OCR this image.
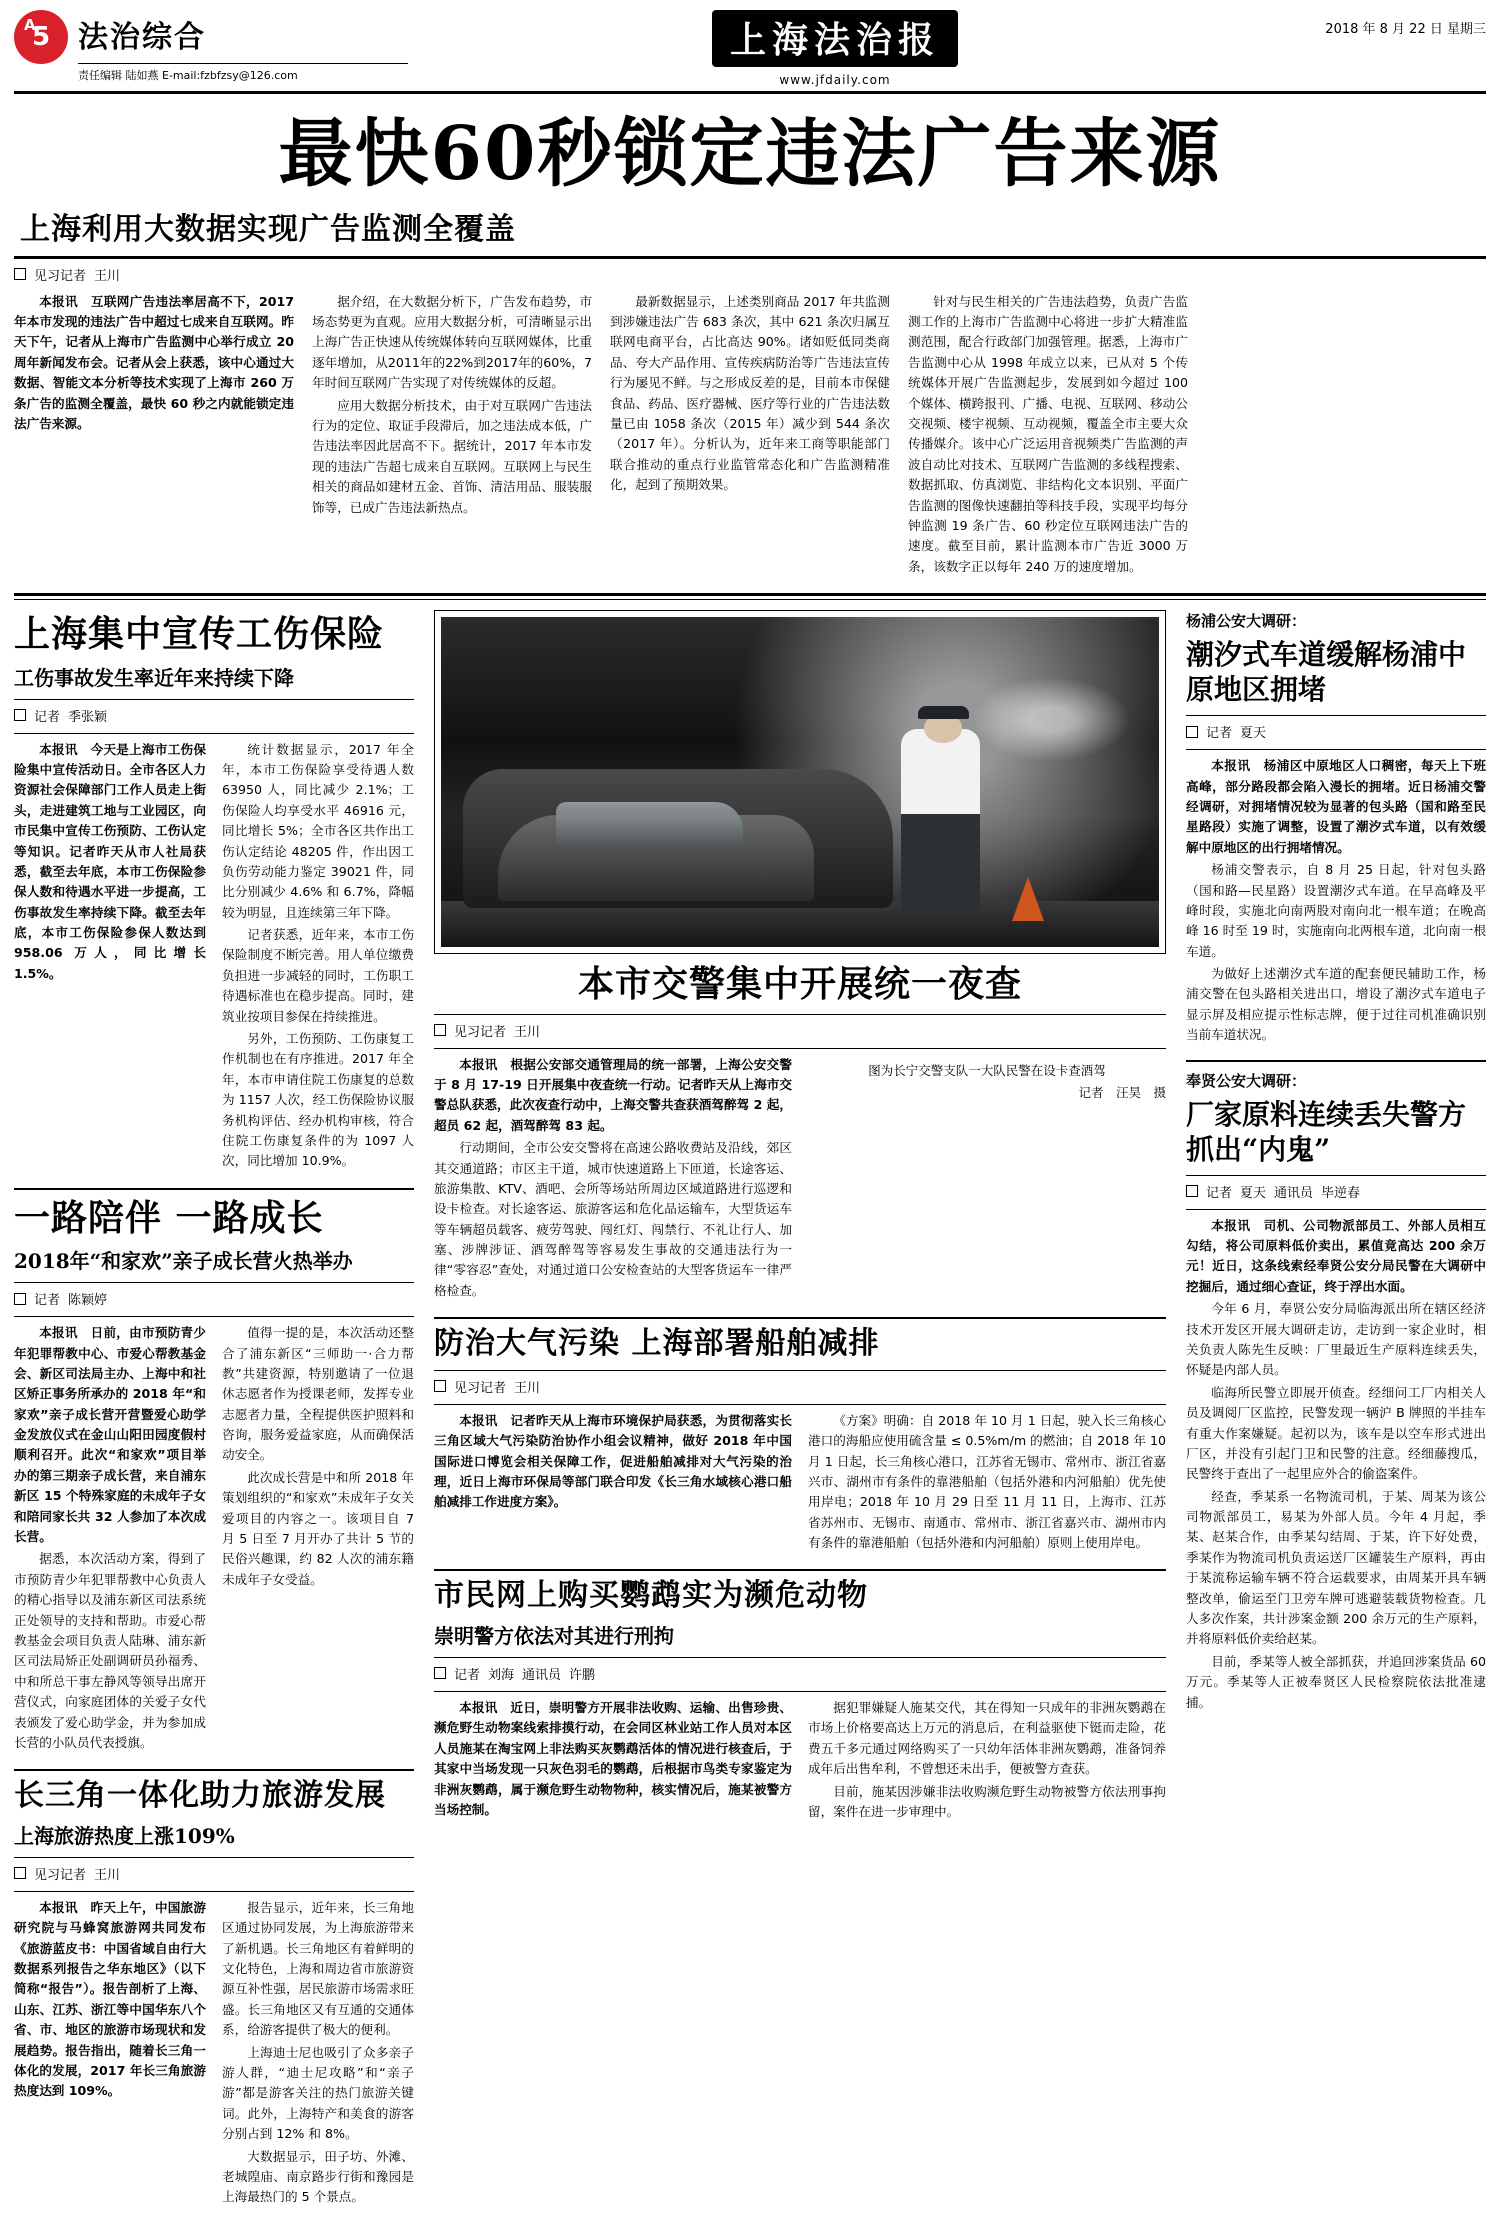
A
5 法治综合
责任编辑 陆如燕 E-mail:fzbfzsy@126.com
上海法治报
www.jfdaily.com
2018 年 8 月 22 日 星期三
最快60秒锁定违法广告来源
上海利用大数据实现广告监测全覆盖
见习记者 王川

本报讯　互联网广告违法率居高不下，2017 年本市发现的违法广告中超过七成来自互联网。昨天下午，记者从上海市广告监测中心举行成立 20 周年新闻发布会。记者从会上获悉，该中心通过大数据、智能文本分析等技术实现了上海市 260 万条广告的监测全覆盖，最快 60 秒之内就能锁定违法广告来源。

据介绍，在大数据分析下，广告发布趋势，市场态势更为直观。应用大数据分析，可清晰显示出上海广告正快速从传统媒体转向互联网媒体，比重逐年增加，从2011年的22%到2017年的60%，7年时间互联网广告实现了对传统媒体的反超。

应用大数据分析技术，由于对互联网广告违法行为的定位、取证手段滞后，加之违法成本低，广告违法率因此居高不下。据统计，2017 年本市发现的违法广告超七成来自互联网。互联网上与民生相关的商品如建材五金、首饰、清洁用品、服装服饰等，已成广告违法新热点。

最新数据显示，上述类别商品 2017 年共监测到涉嫌违法广告 683 条次，其中 621 条次归属互联网电商平台，占比高达 90%。诸如贬低同类商品、夸大产品作用、宣传疾病防治等广告违法宣传行为屡见不鲜。与之形成反差的是，目前本市保健食品、药品、医疗器械、医疗等行业的广告违法数量已由 1058 条次（2015 年）减少到 544 条次（2017 年）。分析认为，近年来工商等职能部门联合推动的重点行业监管常态化和广告监测精准化，起到了预期效果。

针对与民生相关的广告违法趋势，负责广告监测工作的上海市广告监测中心将进一步扩大精准监测范围，配合行政部门加强管理。据悉，上海市广告监测中心从 1998 年成立以来，已从对 5 个传统媒体开展广告监测起步，发展到如今超过 100 个媒体、横跨报刊、广播、电视、互联网、移动公交视频、楼宇视频、互动视频，覆盖全市主要大众传播媒介。该中心广泛运用音视频类广告监测的声波自动比对技术、互联网广告监测的多线程搜索、数据抓取、仿真浏览、非结构化文本识别、平面广告监测的图像快速翻拍等科技手段，实现平均每分钟监测 19 条广告、60 秒定位互联网违法广告的速度。截至目前，累计监测本市广告近 3000 万条，该数字正以每年 240 万的速度增加。

上海集中宣传工伤保险
工伤事故发生率近年来持续下降
记者 季张颖

本报讯　今天是上海市工伤保险集中宣传活动日。全市各区人力资源社会保障部门工作人员走上街头，走进建筑工地与工业园区，向市民集中宣传工伤预防、工伤认定等知识。记者昨天从市人社局获悉，截至去年底，本市工伤保险参保人数和待遇水平进一步提高，工伤事故发生率持续下降。截至去年底，本市工伤保险参保人数达到 958.06 万人，同比增长 1.5%。

统计数据显示，2017 年全年，本市工伤保险享受待遇人数 63950 人，同比减少 2.1%；工伤保险人均享受水平 46916 元，同比增长 5%；全市各区共作出工伤认定结论 48205 件，作出因工负伤劳动能力鉴定 39021 件，同比分别减少 4.6% 和 6.7%，降幅较为明显，且连续第三年下降。

记者获悉，近年来，本市工伤保险制度不断完善。用人单位缴费负担进一步减轻的同时，工伤职工待遇标准也在稳步提高。同时，建筑业按项目参保在持续推进。

另外，工伤预防、工伤康复工作机制也在有序推进。2017 年全年，本市申请住院工伤康复的总数为 1157 人次，经工伤保险协议服务机构评估、经办机构审核，符合住院工伤康复条件的为 1097 人次，同比增加 10.9%。

一路陪伴 一路成长
2018年“和家欢”亲子成长营火热举办
记者 陈颖婷

本报讯　日前，由市预防青少年犯罪帮教中心、市爱心帮教基金会、新区司法局主办、上海中和社区矫正事务所承办的 2018 年“和家欢”亲子成长营开营暨爱心助学金发放仪式在金山山阳田园度假村顺利召开。此次“和家欢”项目举办的第三期亲子成长营，来自浦东新区 15 个特殊家庭的未成年子女和陪同家长共 32 人参加了本次成长营。

据悉，本次活动方案，得到了市预防青少年犯罪帮教中心负责人的精心指导以及浦东新区司法系统正处领导的支持和帮助。市爱心帮教基金会项目负责人陆琳、浦东新区司法局矫正处副调研员孙福秀、中和所总干事左静风等领导出席开营仪式，向家庭团体的关爱子女代表颁发了爱心助学金，并为参加成长营的小队员代表授旗。

值得一提的是，本次活动还整合了浦东新区“三师助一·合力帮教”共建资源，特别邀请了一位退休志愿者作为授课老师，发挥专业志愿者力量，全程提供医护照料和咨询，服务爱益家庭，从而确保活动安全。

此次成长营是中和所 2018 年策划组织的“和家欢”未成年子女关爱项目的内容之一。该项目自 7 月 5 日至 7 月开办了共计 5 节的民俗兴趣课，约 82 人次的浦东籍未成年子女受益。

长三角一体化助力旅游发展
上海旅游热度上涨109%
见习记者 王川

本报讯　昨天上午，中国旅游研究院与马蜂窝旅游网共同发布《旅游蓝皮书：中国省域自由行大数据系列报告之华东地区》（以下简称“报告”）。报告剖析了上海、山东、江苏、浙江等中国华东八个省、市、地区的旅游市场现状和发展趋势。报告指出，随着长三角一体化的发展，2017 年长三角旅游热度达到 109%。

报告显示，近年来，长三角地区通过协同发展，为上海旅游带来了新机遇。长三角地区有着鲜明的文化特色，上海和周边省市旅游资源互补性强，居民旅游市场需求旺盛。长三角地区又有互通的交通体系，给游客提供了极大的便利。

上海迪士尼也吸引了众多亲子游人群，“迪士尼攻略”和“亲子游”都是游客关注的热门旅游关键词。此外，上海特产和美食的游客分别占到 12% 和 8%。

大数据显示，田子坊、外滩、老城隍庙、南京路步行街和豫园是上海最热门的 5 个景点。

本市交警集中开展统一夜查
见习记者 王川

本报讯　根据公安部交通管理局的统一部署，上海公安交警于 8 月 17-19 日开展集中夜查统一行动。记者昨天从上海市交警总队获悉，此次夜查行动中，上海交警共查获酒驾醉驾 2 起，超员 62 起，酒驾醉驾 83 起。

行动期间，全市公安交警将在高速公路收费站及沿线，郊区其交通道路；市区主干道，城市快速道路上下匝道，长途客运、旅游集散、KTV、酒吧、会所等场站所周边区域道路进行巡逻和设卡检查。对长途客运、旅游客运和危化品运输车，大型货运车等车辆超员载客、疲劳驾驶、闯红灯、闯禁行、不礼让行人、加塞、涉牌涉证、酒驾醉驾等容易发生事故的交通违法行为一律“零容忍”查处，对通过道口公安检查站的大型客货运车一律严格检查。

图为长宁交警支队一大队民警在设卡查酒驾
记者　汪昊　摄
防治大气污染 上海部署船舶减排
见习记者 王川

本报讯　记者昨天从上海市环境保护局获悉，为贯彻落实长三角区域大气污染防治协作小组会议精神，做好 2018 年中国国际进口博览会相关保障工作，促进船舶减排对大气污染的治理，近日上海市环保局等部门联合印发《长三角水域核心港口船舶减排工作进度方案》。

《方案》明确：自 2018 年 10 月 1 日起，驶入长三角核心港口的海船应使用硫含量 ≤ 0.5%m/m 的燃油；自 2018 年 10 月 1 日起，长三角核心港口，江苏省无锡市、常州市、浙江省嘉兴市、湖州市有条件的靠港船舶（包括外港和内河船舶）优先使用岸电；2018 年 10 月 29 日至 11 月 11 日，上海市、江苏省苏州市、无锡市、南通市、常州市、浙江省嘉兴市、湖州市内有条件的靠港船舶（包括外港和内河船舶）原则上使用岸电。

市民网上购买鹦鹉实为濒危动物
崇明警方依法对其进行刑拘
记者 刘海 通讯员 许鹏

本报讯　近日，崇明警方开展非法收购、运输、出售珍贵、濒危野生动物案线索排摸行动，在会同区林业站工作人员对本区人员施某在淘宝网上非法购买灰鹦鹉活体的情况进行核查后，于其家中当场发现一只灰色羽毛的鹦鹉，后根据市鸟类专家鉴定为非洲灰鹦鹉，属于濒危野生动物物种，核实情况后，施某被警方当场控制。

据犯罪嫌疑人施某交代，其在得知一只成年的非洲灰鹦鹉在市场上价格要高达上万元的消息后，在利益驱使下铤而走险，花费五千多元通过网络购买了一只幼年活体非洲灰鹦鹉，准备饲养成年后出售牟利，不曾想还未出手，便被警方查获。

目前，施某因涉嫌非法收购濒危野生动物被警方依法刑事拘留，案件在进一步审理中。

杨浦公安大调研：
潮汐式车道缓解杨浦中原地区拥堵
记者 夏天

本报讯　杨浦区中原地区人口稠密，每天上下班高峰，部分路段都会陷入漫长的拥堵。近日杨浦交警经调研，对拥堵情况较为显著的包头路（国和路至民星路段）实施了调整，设置了潮汐式车道，以有效缓解中原地区的出行拥堵情况。

杨浦交警表示，自 8 月 25 日起，针对包头路（国和路—民星路）设置潮汐式车道。在早高峰及平峰时段，实施北向南两股对南向北一根车道；在晚高峰 16 时至 19 时，实施南向北两根车道，北向南一根车道。

为做好上述潮汐式车道的配套便民辅助工作，杨浦交警在包头路相关进出口，增设了潮汐式车道电子显示屏及相应提示性标志牌，便于过往司机准确识别当前车道状况。

奉贤公安大调研：
厂家原料连续丢失警方抓出“内鬼”
记者 夏天 通讯员 毕逆春

本报讯　司机、公司物派部员工、外部人员相互勾结，将公司原料低价卖出，累值竟高达 200 余万元！近日，这条线索经奉贤公安分局民警在大调研中挖掘后，通过细心查证，终于浮出水面。

今年 6 月，奉贤公安分局临海派出所在辖区经济技术开发区开展大调研走访，走访到一家企业时，相关负责人陈先生反映：厂里最近生产原料连续丢失，怀疑是内部人员。

临海所民警立即展开侦查。经细问工厂内相关人员及调阅厂区监控，民警发现一辆沪 B 牌照的半挂车有重大作案嫌疑。起初以为，该车是以空车形式进出厂区，并没有引起门卫和民警的注意。经细藤搜瓜，民警终于查出了一起里应外合的偷盗案件。

经查，季某系一名物流司机，于某、周某为该公司物派部员工，易某为外部人员。今年 4 月起，季某、赵某合作，由季某勾结周、于某，许下好处费，季某作为物流司机负责运送厂区罐装生产原料，再由于某流称运输车辆不符合运载要求，由周某开具车辆整改单，偷运至门卫旁车牌可逃避装载货物检查。几人多次作案，共计涉案金额 200 余万元的生产原料，并将原料低价卖给赵某。

目前，季某等人被全部抓获，并追回涉案货品 60 万元。季某等人正被奉贤区人民检察院依法批准逮捕。
